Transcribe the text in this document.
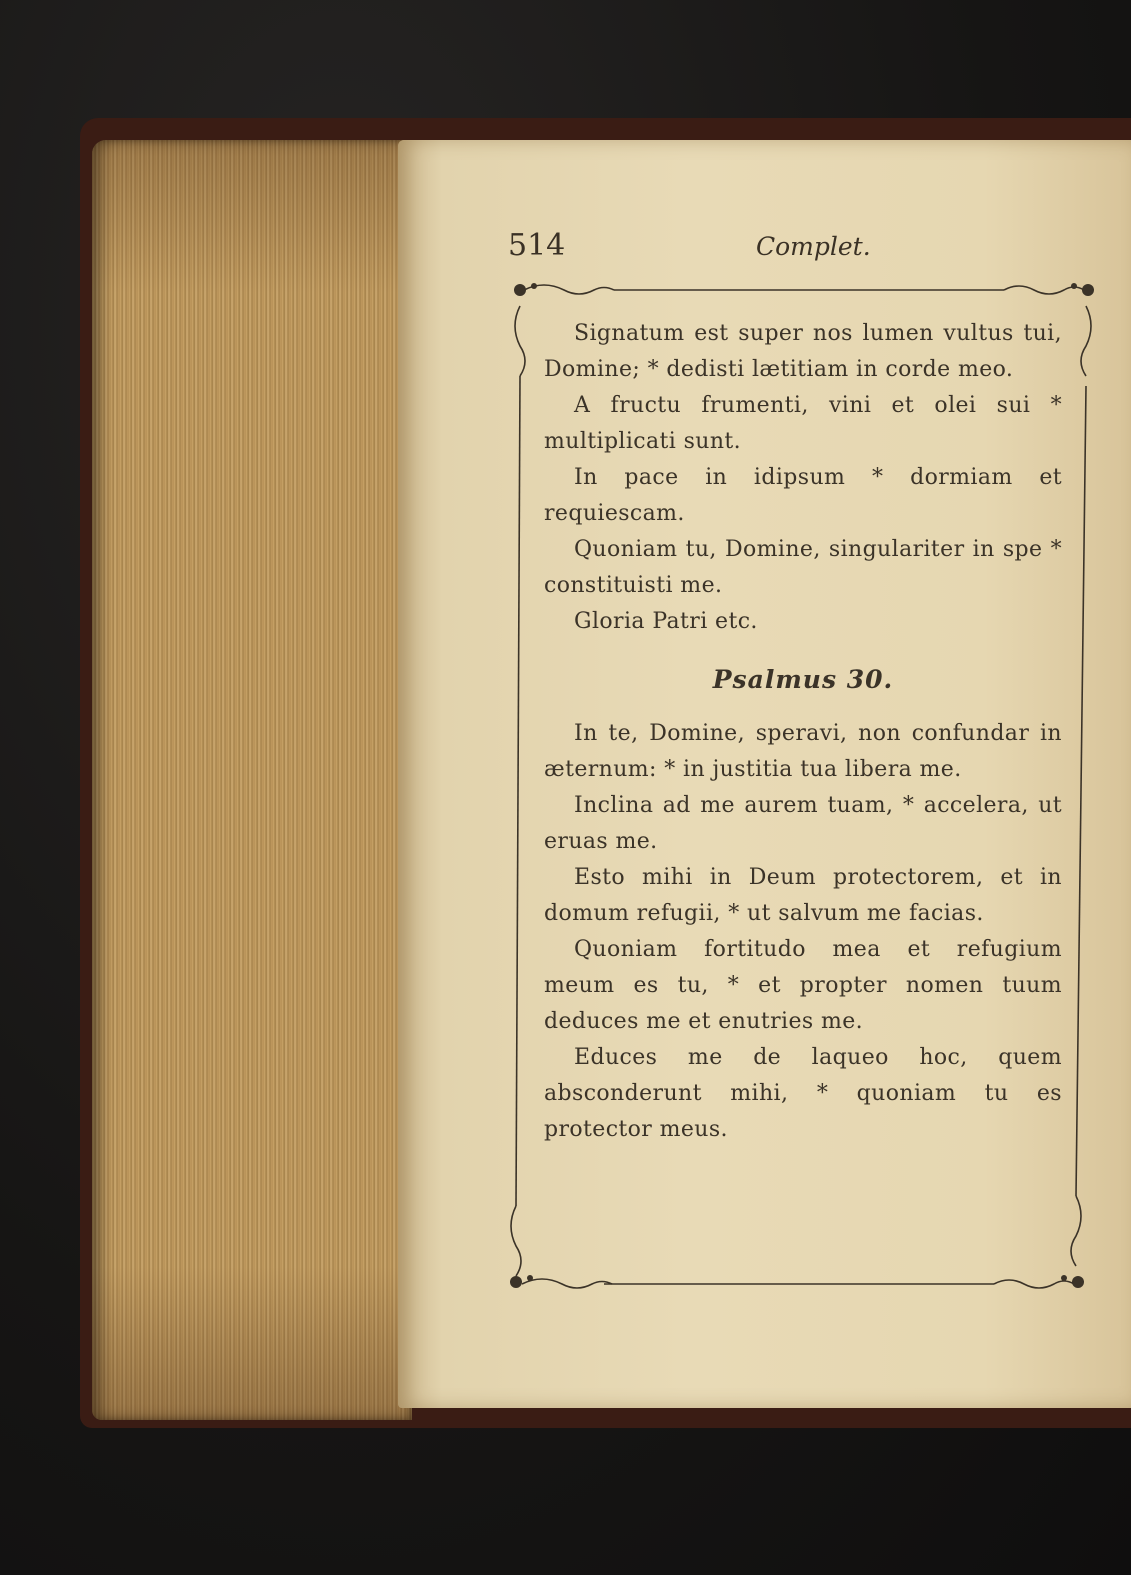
514	Complet.

Signatum est super nos lumen vultus tui, Domine; * dedisti lætitiam in corde meo.

A fructu frumenti, vini et olei sui * multiplicati sunt.

In pace in idipsum * dormiam et requiescam.

Quoniam tu, Domine, singulariter in spe * constituisti me.

Gloria Patri etc.

Psalmus 30.

In te, Domine, speravi, non confundar in æternum: * in justitia tua libera me.

Inclina ad me aurem tuam, * accelera, ut eruas me.

Esto mihi in Deum protectorem, et in domum refugii, * ut salvum me facias.

Quoniam fortitudo mea et refugium meum es tu, * et propter nomen tuum deduces me et enutries me.

Educes me de laqueo hoc, quem absconderunt mihi, * quoniam tu es protector meus.
